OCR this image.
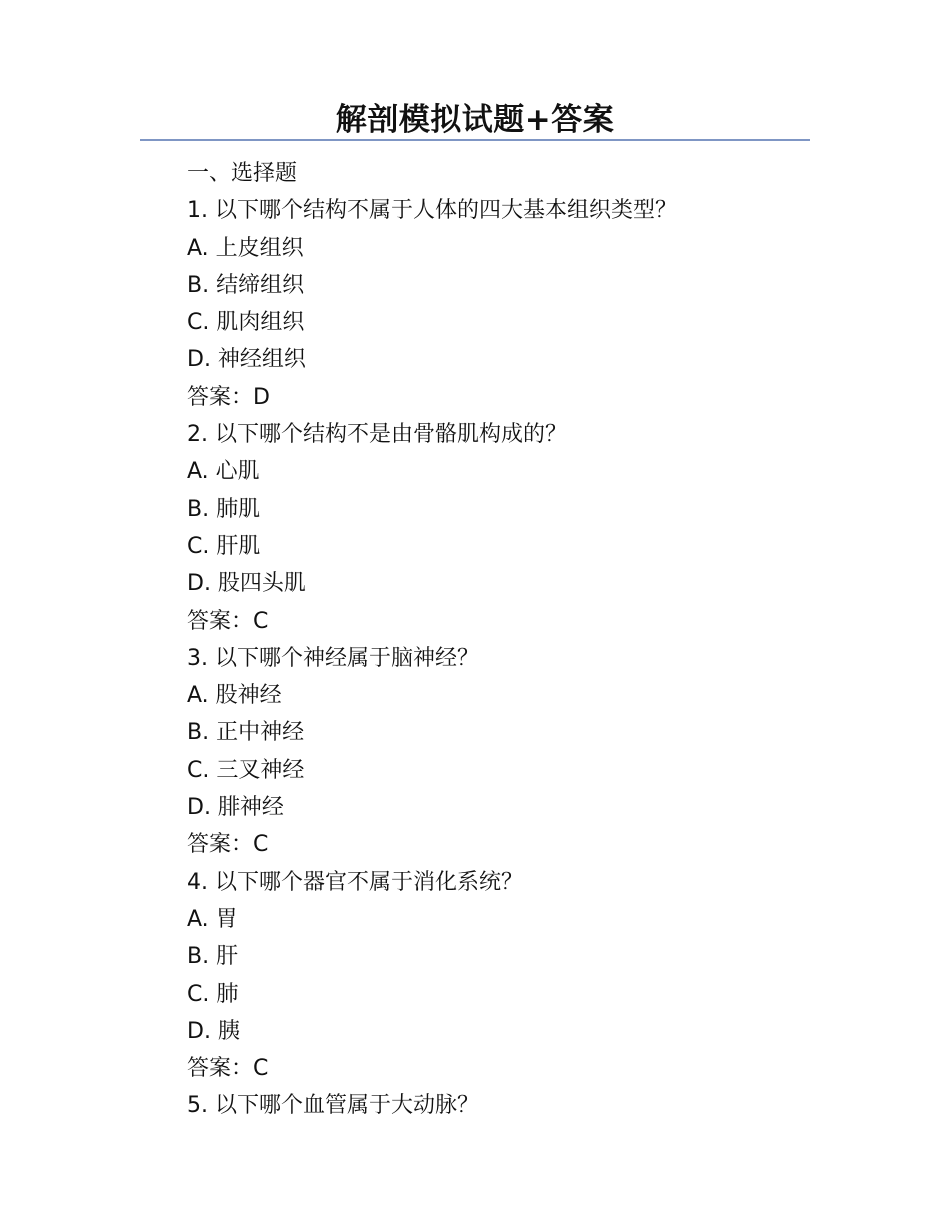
解剖模拟试题+答案
一、选择题
1. 以下哪个结构不属于人体的四大基本组织类型？
A. 上皮组织
B. 结缔组织
C. 肌肉组织
D. 神经组织
答案：D
2. 以下哪个结构不是由骨骼肌构成的？
A. 心肌
B. 肺肌
C. 肝肌
D. 股四头肌
答案：C
3. 以下哪个神经属于脑神经？
A. 股神经
B. 正中神经
C. 三叉神经
D. 腓神经
答案：C
4. 以下哪个器官不属于消化系统？
A. 胃
B. 肝
C. 肺
D. 胰
答案：C
5. 以下哪个血管属于大动脉？
